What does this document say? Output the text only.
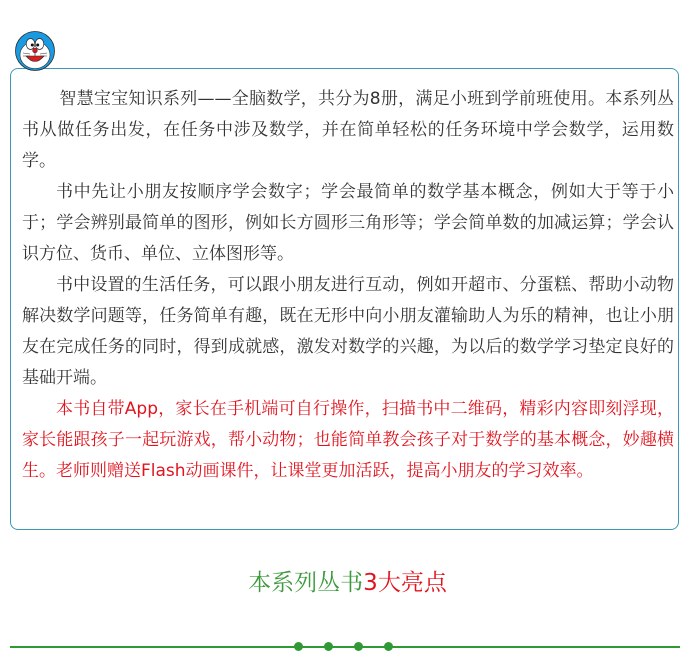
智慧宝宝知识系列——全脑数学，共分为8册，满足小班到学前班使用。本系列丛书从做任务出发，在任务中涉及数学，并在简单轻松的任务环境中学会数学，运用数学。

书中先让小朋友按顺序学会数字；学会最简单的数学基本概念，例如大于等于小于；学会辨别最简单的图形，例如长方圆形三角形等；学会简单数的加减运算；学会认识方位、货币、单位、立体图形等。

书中设置的生活任务，可以跟小朋友进行互动，例如开超市、分蛋糕、帮助小动物解决数学问题等，任务简单有趣，既在无形中向小朋友灌输助人为乐的精神，也让小朋友在完成任务的同时，得到成就感，激发对数学的兴趣，为以后的数学学习垫定良好的基础开端。

本书自带App，家长在手机端可自行操作，扫描书中二维码，精彩内容即刻浮现，家长能跟孩子一起玩游戏，帮小动物；也能简单教会孩子对于数学的基本概念，妙趣横生。老师则赠送Flash动画课件，让课堂更加活跃，提高小朋友的学习效率。

本系列丛书3大亮点
